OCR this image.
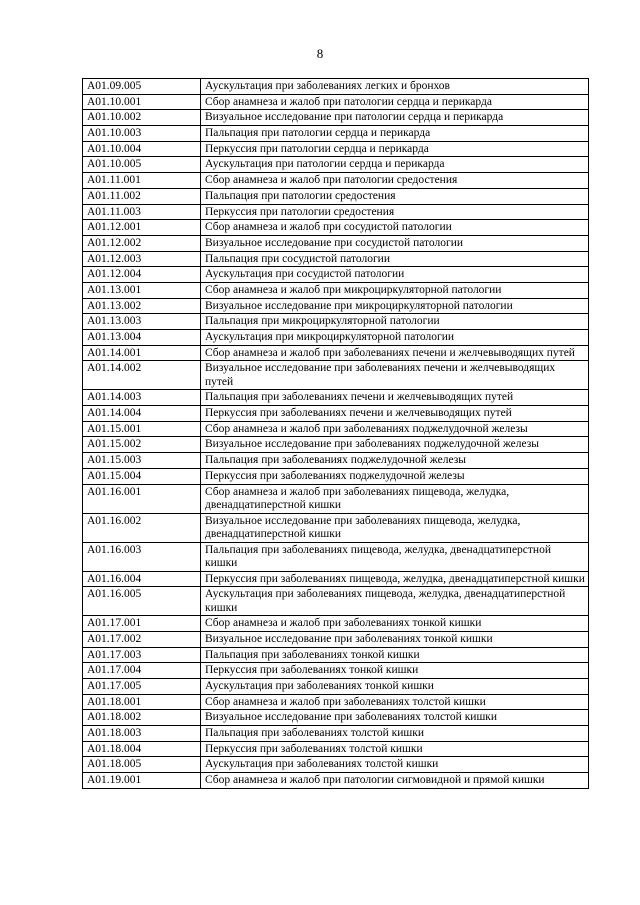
8
A01.09.005	Аускультация при заболеваниях легких и бронхов
A01.10.001	Сбор анамнеза и жалоб при патологии сердца и перикарда
A01.10.002	Визуальное исследование при патологии сердца и перикарда
A01.10.003	Пальпация при патологии сердца и перикарда
A01.10.004	Перкуссия при патологии сердца и перикарда
A01.10.005	Аускультация при патологии сердца и перикарда
A01.11.001	Сбор анамнеза и жалоб при патологии средостения
A01.11.002	Пальпация при патологии средостения
A01.11.003	Перкуссия при патологии средостения
A01.12.001	Сбор анамнеза и жалоб при сосудистой патологии
A01.12.002	Визуальное исследование при сосудистой патологии
A01.12.003	Пальпация при сосудистой патологии
A01.12.004	Аускультация при сосудистой патологии
A01.13.001	Сбор анамнеза и жалоб при микроциркуляторной патологии
A01.13.002	Визуальное исследование при микроциркуляторной патологии
A01.13.003	Пальпация при микроциркуляторной патологии
A01.13.004	Аускультация при микроциркуляторной патологии
A01.14.001	Сбор анамнеза и жалоб при заболеваниях печени и желчевыводящих путей
A01.14.002	Визуальное исследование при заболеваниях печени и желчевыводящих путей
A01.14.003	Пальпация при заболеваниях печени и желчевыводящих путей
A01.14.004	Перкуссия при заболеваниях печени и желчевыводящих путей
A01.15.001	Сбор анамнеза и жалоб при заболеваниях поджелудочной железы
A01.15.002	Визуальное исследование при заболеваниях поджелудочной железы
A01.15.003	Пальпация при заболеваниях поджелудочной железы
A01.15.004	Перкуссия при заболеваниях поджелудочной железы
A01.16.001	Сбор анамнеза и жалоб при заболеваниях пищевода, желудка, двенадцатиперстной кишки
A01.16.002	Визуальное исследование при заболеваниях пищевода, желудка, двенадцатиперстной кишки
A01.16.003	Пальпация при заболеваниях пищевода, желудка, двенадцатиперстной кишки
A01.16.004	Перкуссия при заболеваниях пищевода, желудка, двенадцатиперстной кишки
A01.16.005	Аускультация при заболеваниях пищевода, желудка, двенадцатиперстной кишки
A01.17.001	Сбор анамнеза и жалоб при заболеваниях тонкой кишки
A01.17.002	Визуальное исследование при заболеваниях тонкой кишки
A01.17.003	Пальпация при заболеваниях тонкой кишки
A01.17.004	Перкуссия при заболеваниях тонкой кишки
A01.17.005	Аускультация при заболеваниях тонкой кишки
A01.18.001	Сбор анамнеза и жалоб при заболеваниях толстой кишки
A01.18.002	Визуальное исследование при заболеваниях толстой кишки
A01.18.003	Пальпация при заболеваниях толстой кишки
A01.18.004	Перкуссия при заболеваниях толстой кишки
A01.18.005	Аускультация при заболеваниях толстой кишки
A01.19.001	Сбор анамнеза и жалоб при патологии сигмовидной и прямой кишки
